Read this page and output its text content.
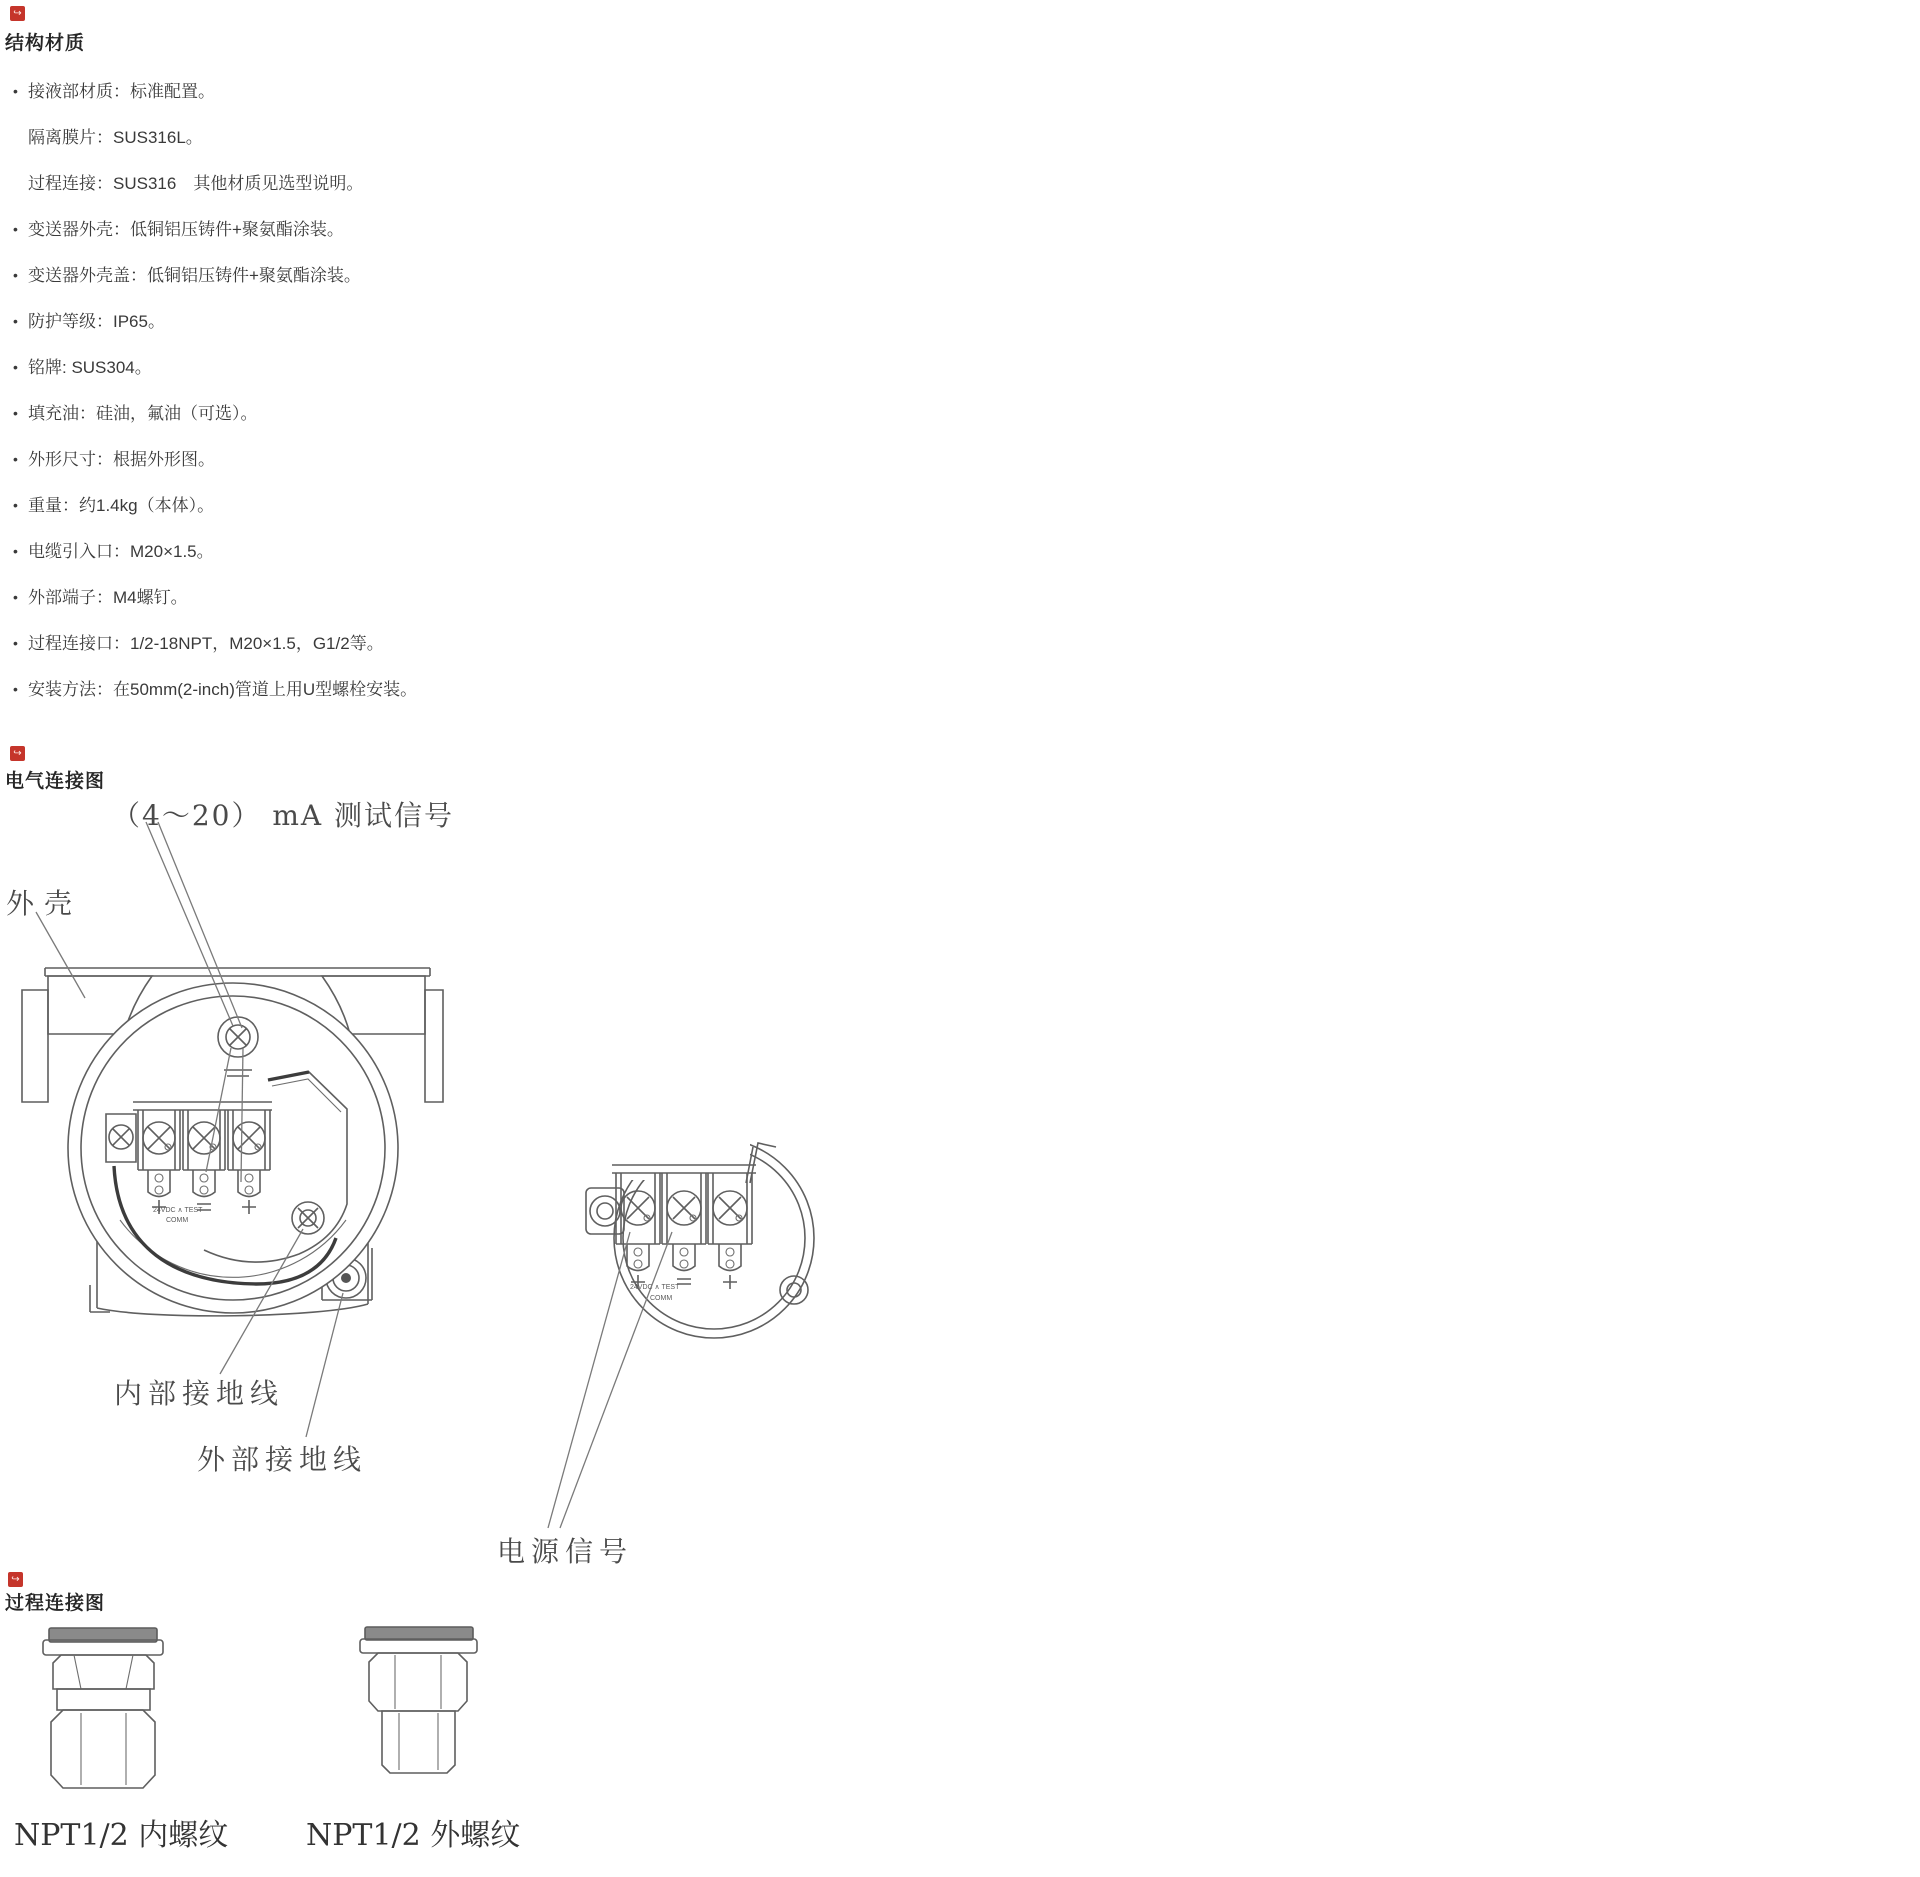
↪
结构材质
• 接液部材质：标准配置。
隔离膜片：SUS316L。
过程连接：SUS316　其他材质见选型说明。
• 变送器外壳：低铜铝压铸件+聚氨酯涂装。
• 变送器外壳盖：低铜铝压铸件+聚氨酯涂装。
• 防护等级：IP65。
• 铭牌: SUS304。
• 填充油：硅油，氟油（可选）。
• 外形尺寸：根据外形图。
• 重量：约1.4kg（本体）。
• 电缆引入口：M20×1.5。
• 外部端子：M4螺钉。
• 过程连接口：1/2-18NPT，M20×1.5，G1/2等。
• 安装方法：在50mm(2-inch)管道上用U型螺栓安装。
↪
电气连接图
（4～20） mA 测试信号
外壳
内部接地线
外部接地线
电源信号
24VDC ∧ TEST
COMM
24VDC ∧ TEST
COMM
↪
过程连接图
NPT1/2 内螺纹	NPT1/2 外螺纹
